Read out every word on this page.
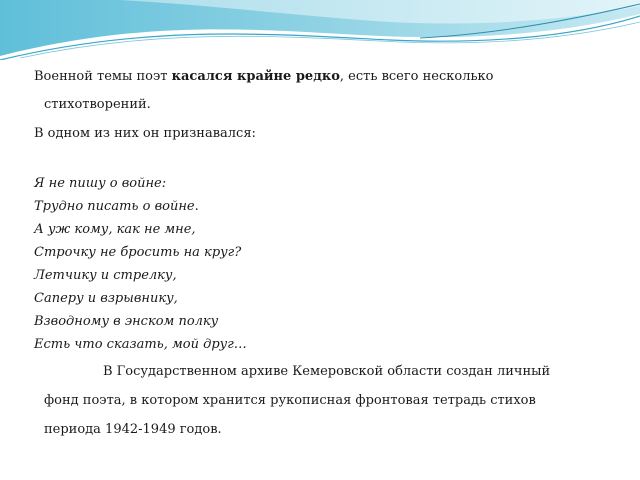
Военной темы поэт касался крайне редко, есть всего несколько
стихотворений.
В одном из них он признавался:
Я не пишу о войне:
Трудно писать о войне.
А уж кому, как не мне,
Строчку не бросить на круг?
Летчику и стрелку,
Саперу и взрывнику,
Взводному в энском полку
Есть что сказать, мой друг…
В Государственном архиве Кемеровской области создан личный
фонд поэта, в котором хранится рукописная фронтовая тетрадь стихов
периода 1942-1949 годов.
